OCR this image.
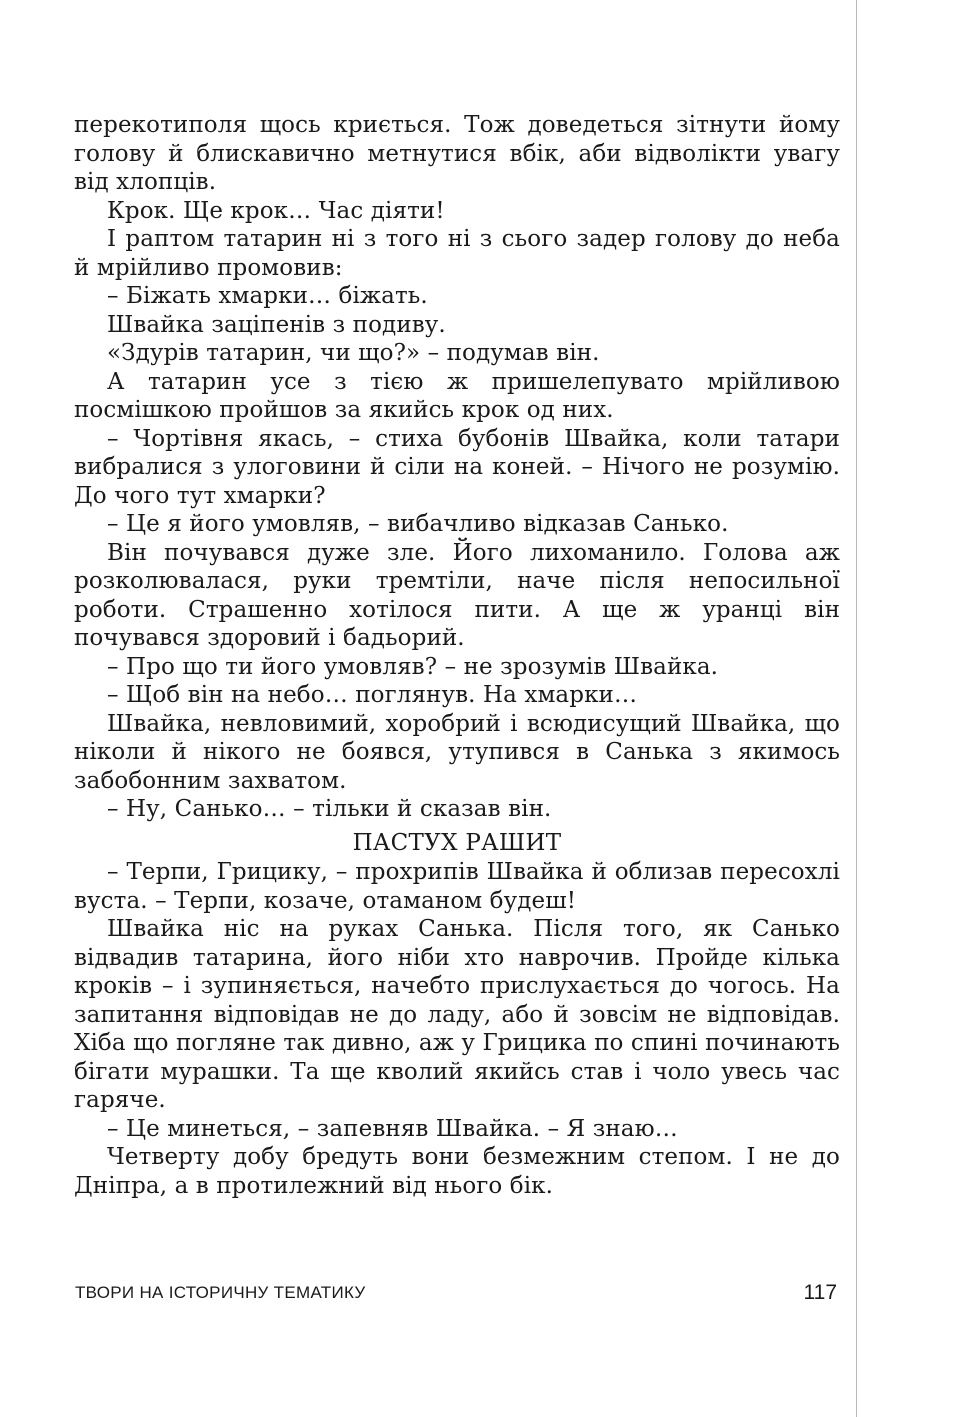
перекотиполя щось криється. Тож доведеться зітнути йому голову й блискавично метнутися вбік, аби відволікти увагу від хлопців.

Крок. Ще крок… Час діяти!

І раптом татарин ні з того ні з сього задер голову до неба й мрійливо промовив:

– Біжать хмарки… біжать.

Швайка заціпенів з подиву.

«Здурів татарин, чи що?» – подумав він.

А татарин усе з тією ж пришелепувато мрійливою посмішкою пройшов за якийсь крок од них.

– Чортівня якась, – стиха бубонів Швайка, коли татари вибралися з улоговини й сіли на коней. – Нічого не розумію. До чого тут хмарки?

– Це я його умовляв, – вибачливо відказав Санько.

Він почувався дуже зле. Його лихоманило. Голова аж розколювалася, руки тремтіли, наче після непосильної роботи. Страшенно хотілося пити. А ще ж уранці він почувався здоровий і бадьорий.

– Про що ти його умовляв? – не зрозумів Швайка.

– Щоб він на небо… поглянув. На хмарки…

Швайка, невловимий, хоробрий і всюдисущий Швайка, що ніколи й нікого не боявся, утупився в Санька з якимось забобонним захватом.

– Ну, Санько… – тільки й сказав він.

ПАСТУХ РАШИТ

– Терпи, Грицику, – прохрипів Швайка й облизав пересохлі вуста. – Терпи, козаче, отаманом будеш!

Швайка ніс на руках Санька. Після того, як Санько відвадив татарина, його ніби хто наврочив. Пройде кілька кроків – і зупиняється, начебто прислухається до чогось. На запитання відповідав не до ладу, або й зовсім не відповідав. Хіба що погляне так дивно, аж у Грицика по спині починають бігати мурашки. Та ще кволий якийсь став і чоло увесь час гаряче.

– Це минеться, – запевняв Швайка. – Я знаю…

Четверту добу бредуть вони безмежним степом. І не до Дніпра, а в протилежний від нього бік.

ТВОРИ НА ІСТОРИЧНУ ТЕМАТИКУ	117
